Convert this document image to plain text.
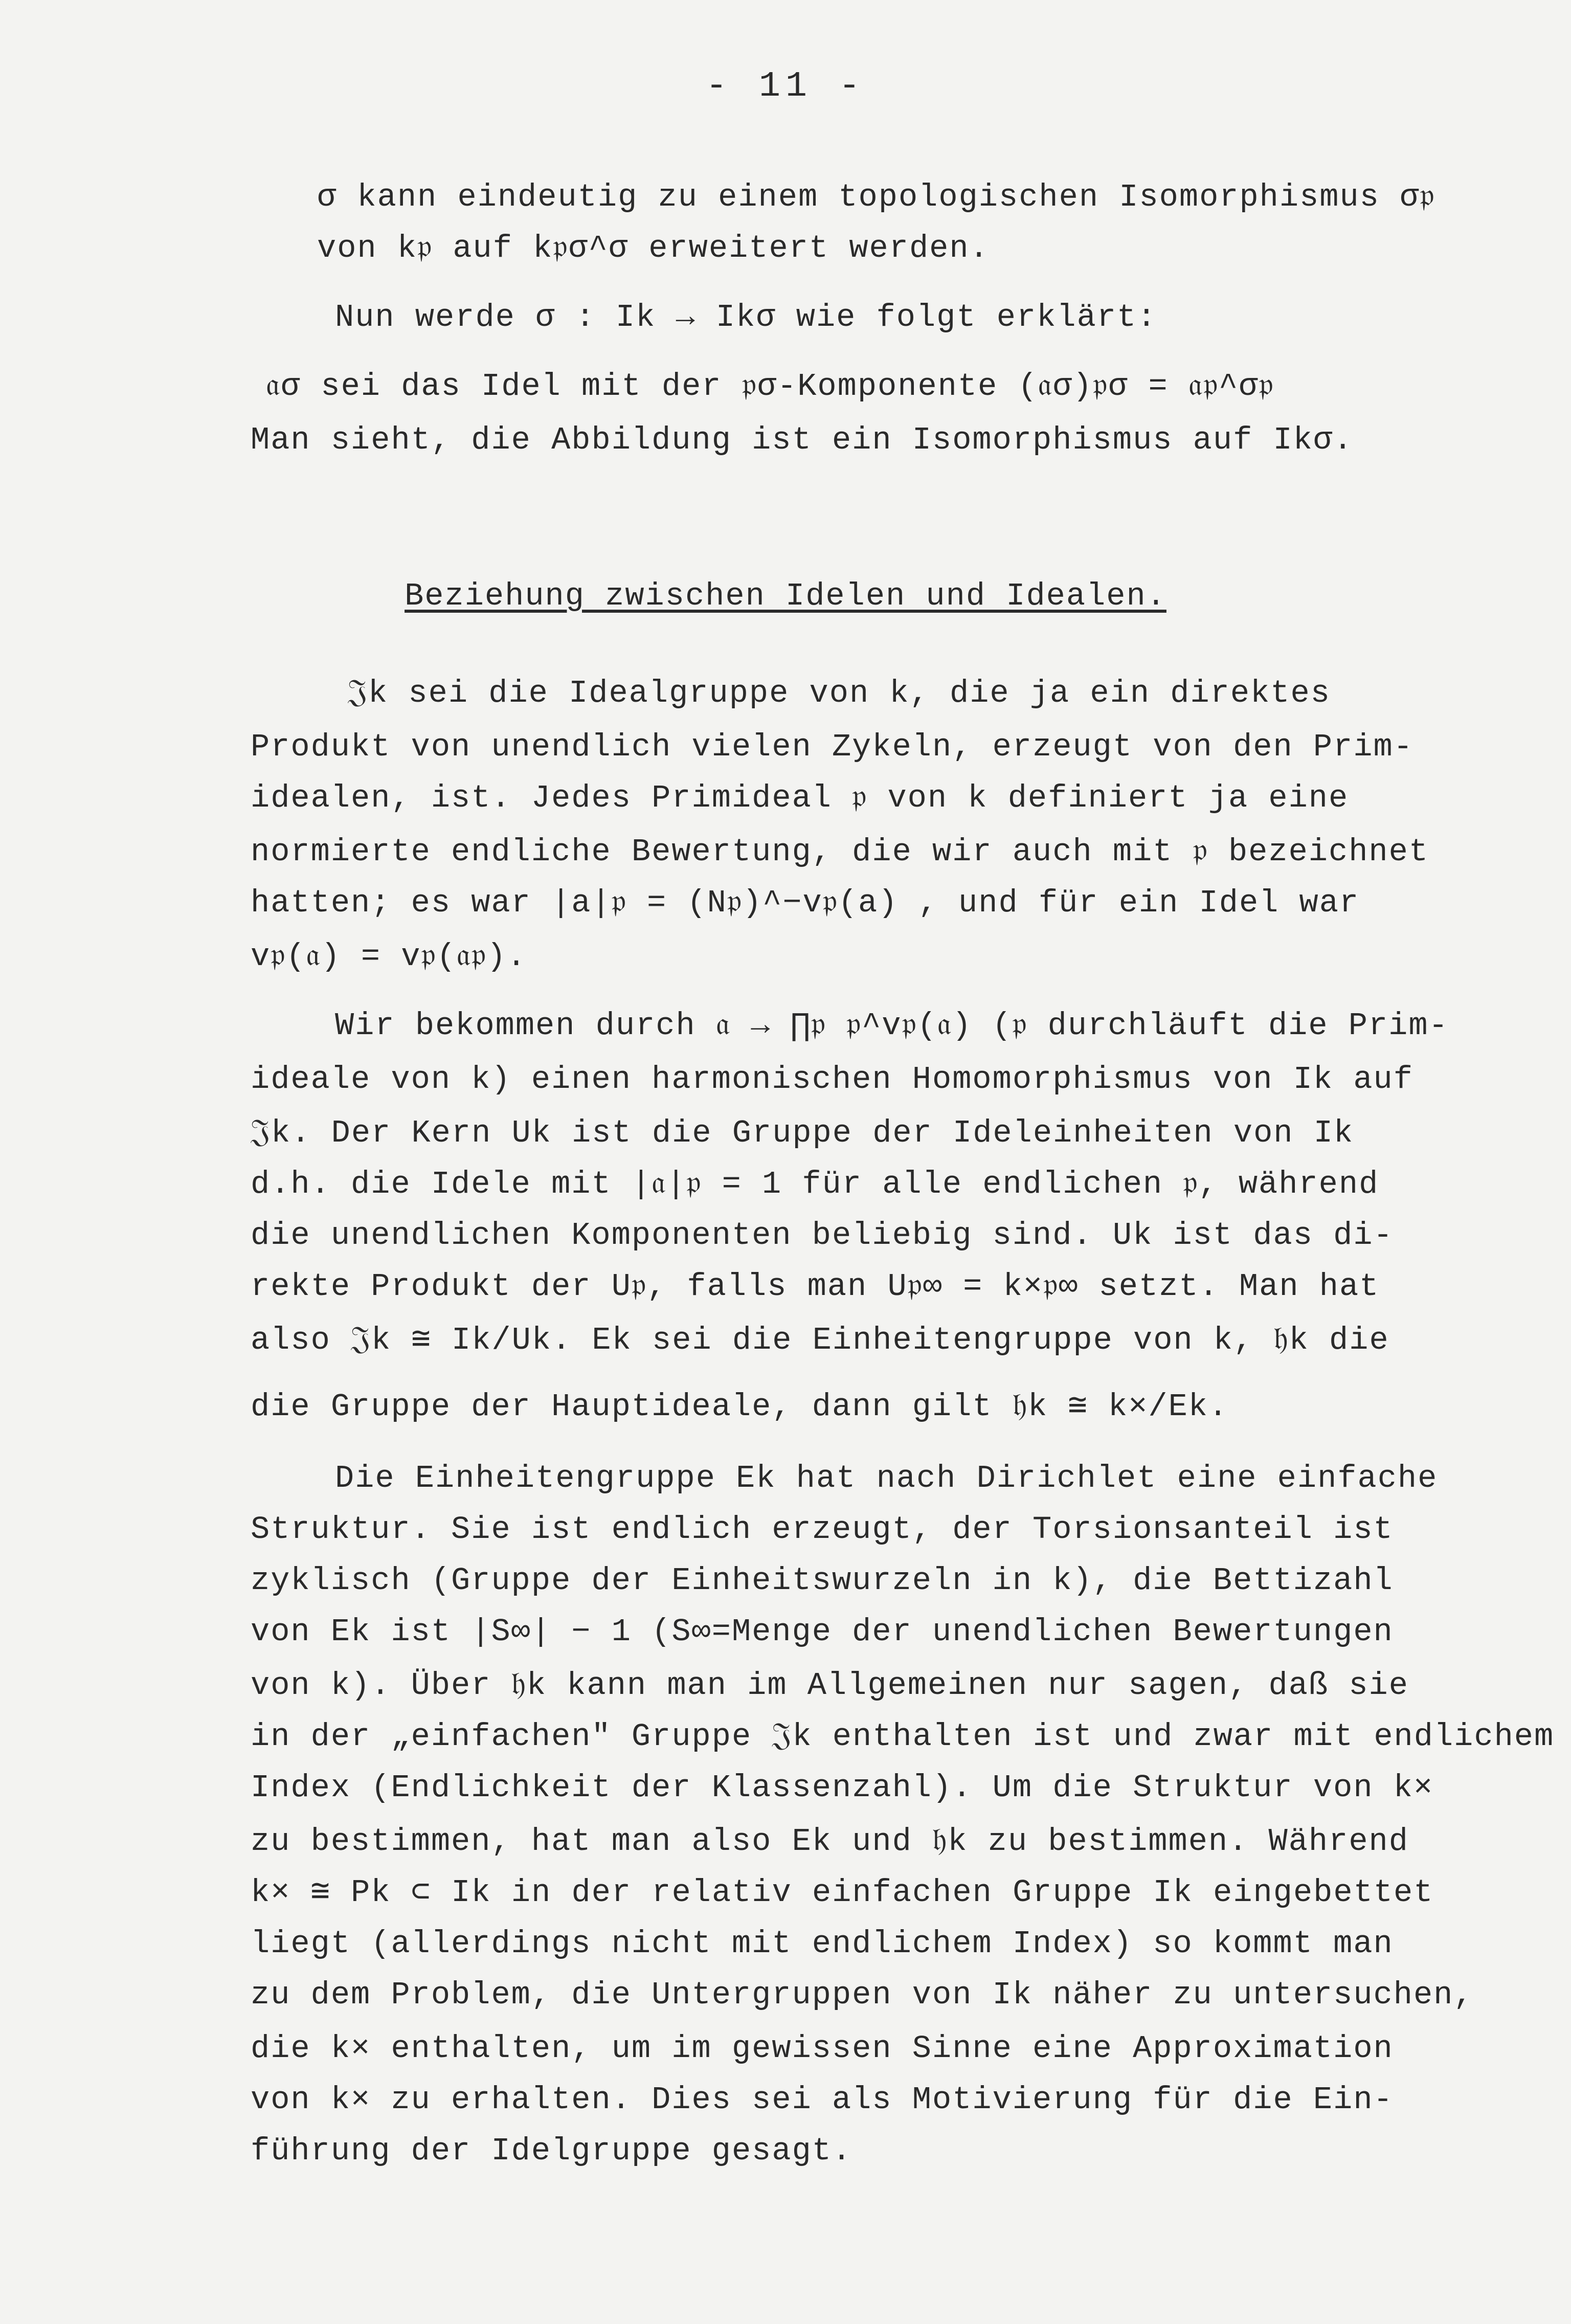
- 11 -
σ kann eindeutig zu einem topologischen Isomorphismus σ𝔭
von k𝔭 auf k𝔭σ^σ erweitert werden.
Nun werde σ : Ik → Ikσ wie folgt erklärt:
𝔞σ sei das Idel mit der 𝔭σ-Komponente (𝔞σ)𝔭σ = 𝔞𝔭^σ𝔭
Man sieht, die Abbildung ist ein Isomorphismus auf Ikσ.
Beziehung zwischen Idelen und Idealen.
𝔍k sei die Idealgruppe von k, die ja ein direktes
Produkt von unendlich vielen Zykeln, erzeugt von den Prim-
idealen, ist. Jedes Primideal 𝔭 von k definiert ja eine
normierte endliche Bewertung, die wir auch mit 𝔭 bezeichnet
hatten; es war |a|𝔭 = (N𝔭)^−v𝔭(a) , und für ein Idel war
v𝔭(𝔞) = v𝔭(𝔞𝔭).
Wir bekommen durch 𝔞 → ∏𝔭 𝔭^v𝔭(𝔞) (𝔭 durchläuft die Prim-
ideale von k) einen harmonischen Homomorphismus von Ik auf
𝔍k. Der Kern Uk ist die Gruppe der Ideleinheiten von Ik
d.h. die Idele mit |𝔞|𝔭 = 1 für alle endlichen 𝔭, während
die unendlichen Komponenten beliebig sind. Uk ist das di-
rekte Produkt der U𝔭, falls man U𝔭∞ = k×𝔭∞ setzt. Man hat
also 𝔍k ≅ Ik/Uk. Ek sei die Einheitengruppe von k, 𝔥k die
die Gruppe der Hauptideale, dann gilt 𝔥k ≅ k×/Ek.
Die Einheitengruppe Ek hat nach Dirichlet eine einfache
Struktur. Sie ist endlich erzeugt, der Torsionsanteil ist
zyklisch (Gruppe der Einheitswurzeln in k), die Bettizahl
von Ek ist |S∞| − 1 (S∞=Menge der unendlichen Bewertungen
von k). Über 𝔥k kann man im Allgemeinen nur sagen, daß sie
in der „einfachen" Gruppe 𝔍k enthalten ist und zwar mit endlichem
Index (Endlichkeit der Klassenzahl). Um die Struktur von k×
zu bestimmen, hat man also Ek und 𝔥k zu bestimmen. Während
k× ≅ Pk ⊂ Ik in der relativ einfachen Gruppe Ik eingebettet
liegt (allerdings nicht mit endlichem Index) so kommt man
zu dem Problem, die Untergruppen von Ik näher zu untersuchen,
die k× enthalten, um im gewissen Sinne eine Approximation
von k× zu erhalten. Dies sei als Motivierung für die Ein-
führung der Idelgruppe gesagt.
